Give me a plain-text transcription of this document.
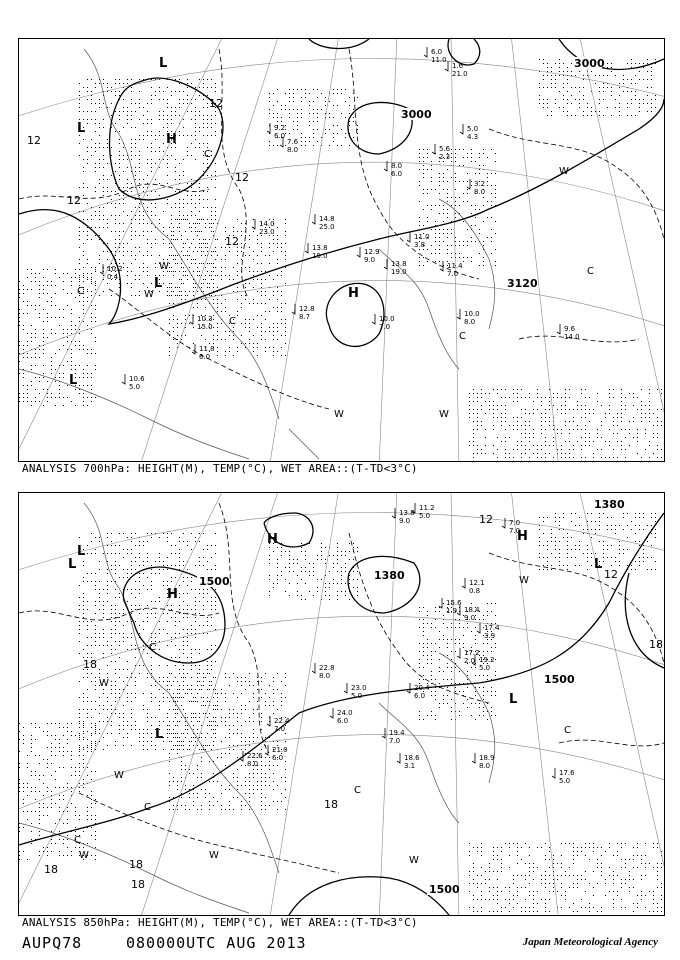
L
L
H
H
L
L
3000
3000
3120
12
12
12
12
12
W
W
W	W
W
C
C
C
C
C
10.2
0.4
10.6
5.0
11.8
6.0
10.3
15.0
12.8
8.7
14.0
23.0
14.8
25.0
13.8
19.0	12.9
9.0 13.8
19.0
11.0
3.8
11.4
7.0
10.0
7.0
10.0
8.0
9.6
14.0
9.2
6.0
7.6
8.0
8.0
6.0
6.0
11.0
1.6
21.0
5.0
4.3
5.6
2.3
3.2
8.0
ANALYSIS 700hPa: HEIGHT(M), TEMP(°C), WET AREA::(T-TD<3°C)
L
L
H
H
L
L
L
H
1380
1380
1500
1500
1500
18
18
18
18
18
12
12
18
W
W
W	W	W
W
C
C
C
C
C
17.6
5.0
18.9
8.0
18.6
3.1
19.4
7.0
20.4
6.0
22.6
8.0
21.0
6.0
22.4
7.0
22.8
8.0
24.0
6.0
23.0
5.0
17.2
2.0
18.4
9.0
17.4
3.9
15.6
1.9
12.1
0.8
11.2
5.0
13.8
9.0	7.0
7.0
19.2
5.0
ANALYSIS 850hPa: HEIGHT(M), TEMP(°C), WET AREA::(T-TD<3°C)
AUPQ78	080000UTC AUG 2013	Japan Meteorological Agency
